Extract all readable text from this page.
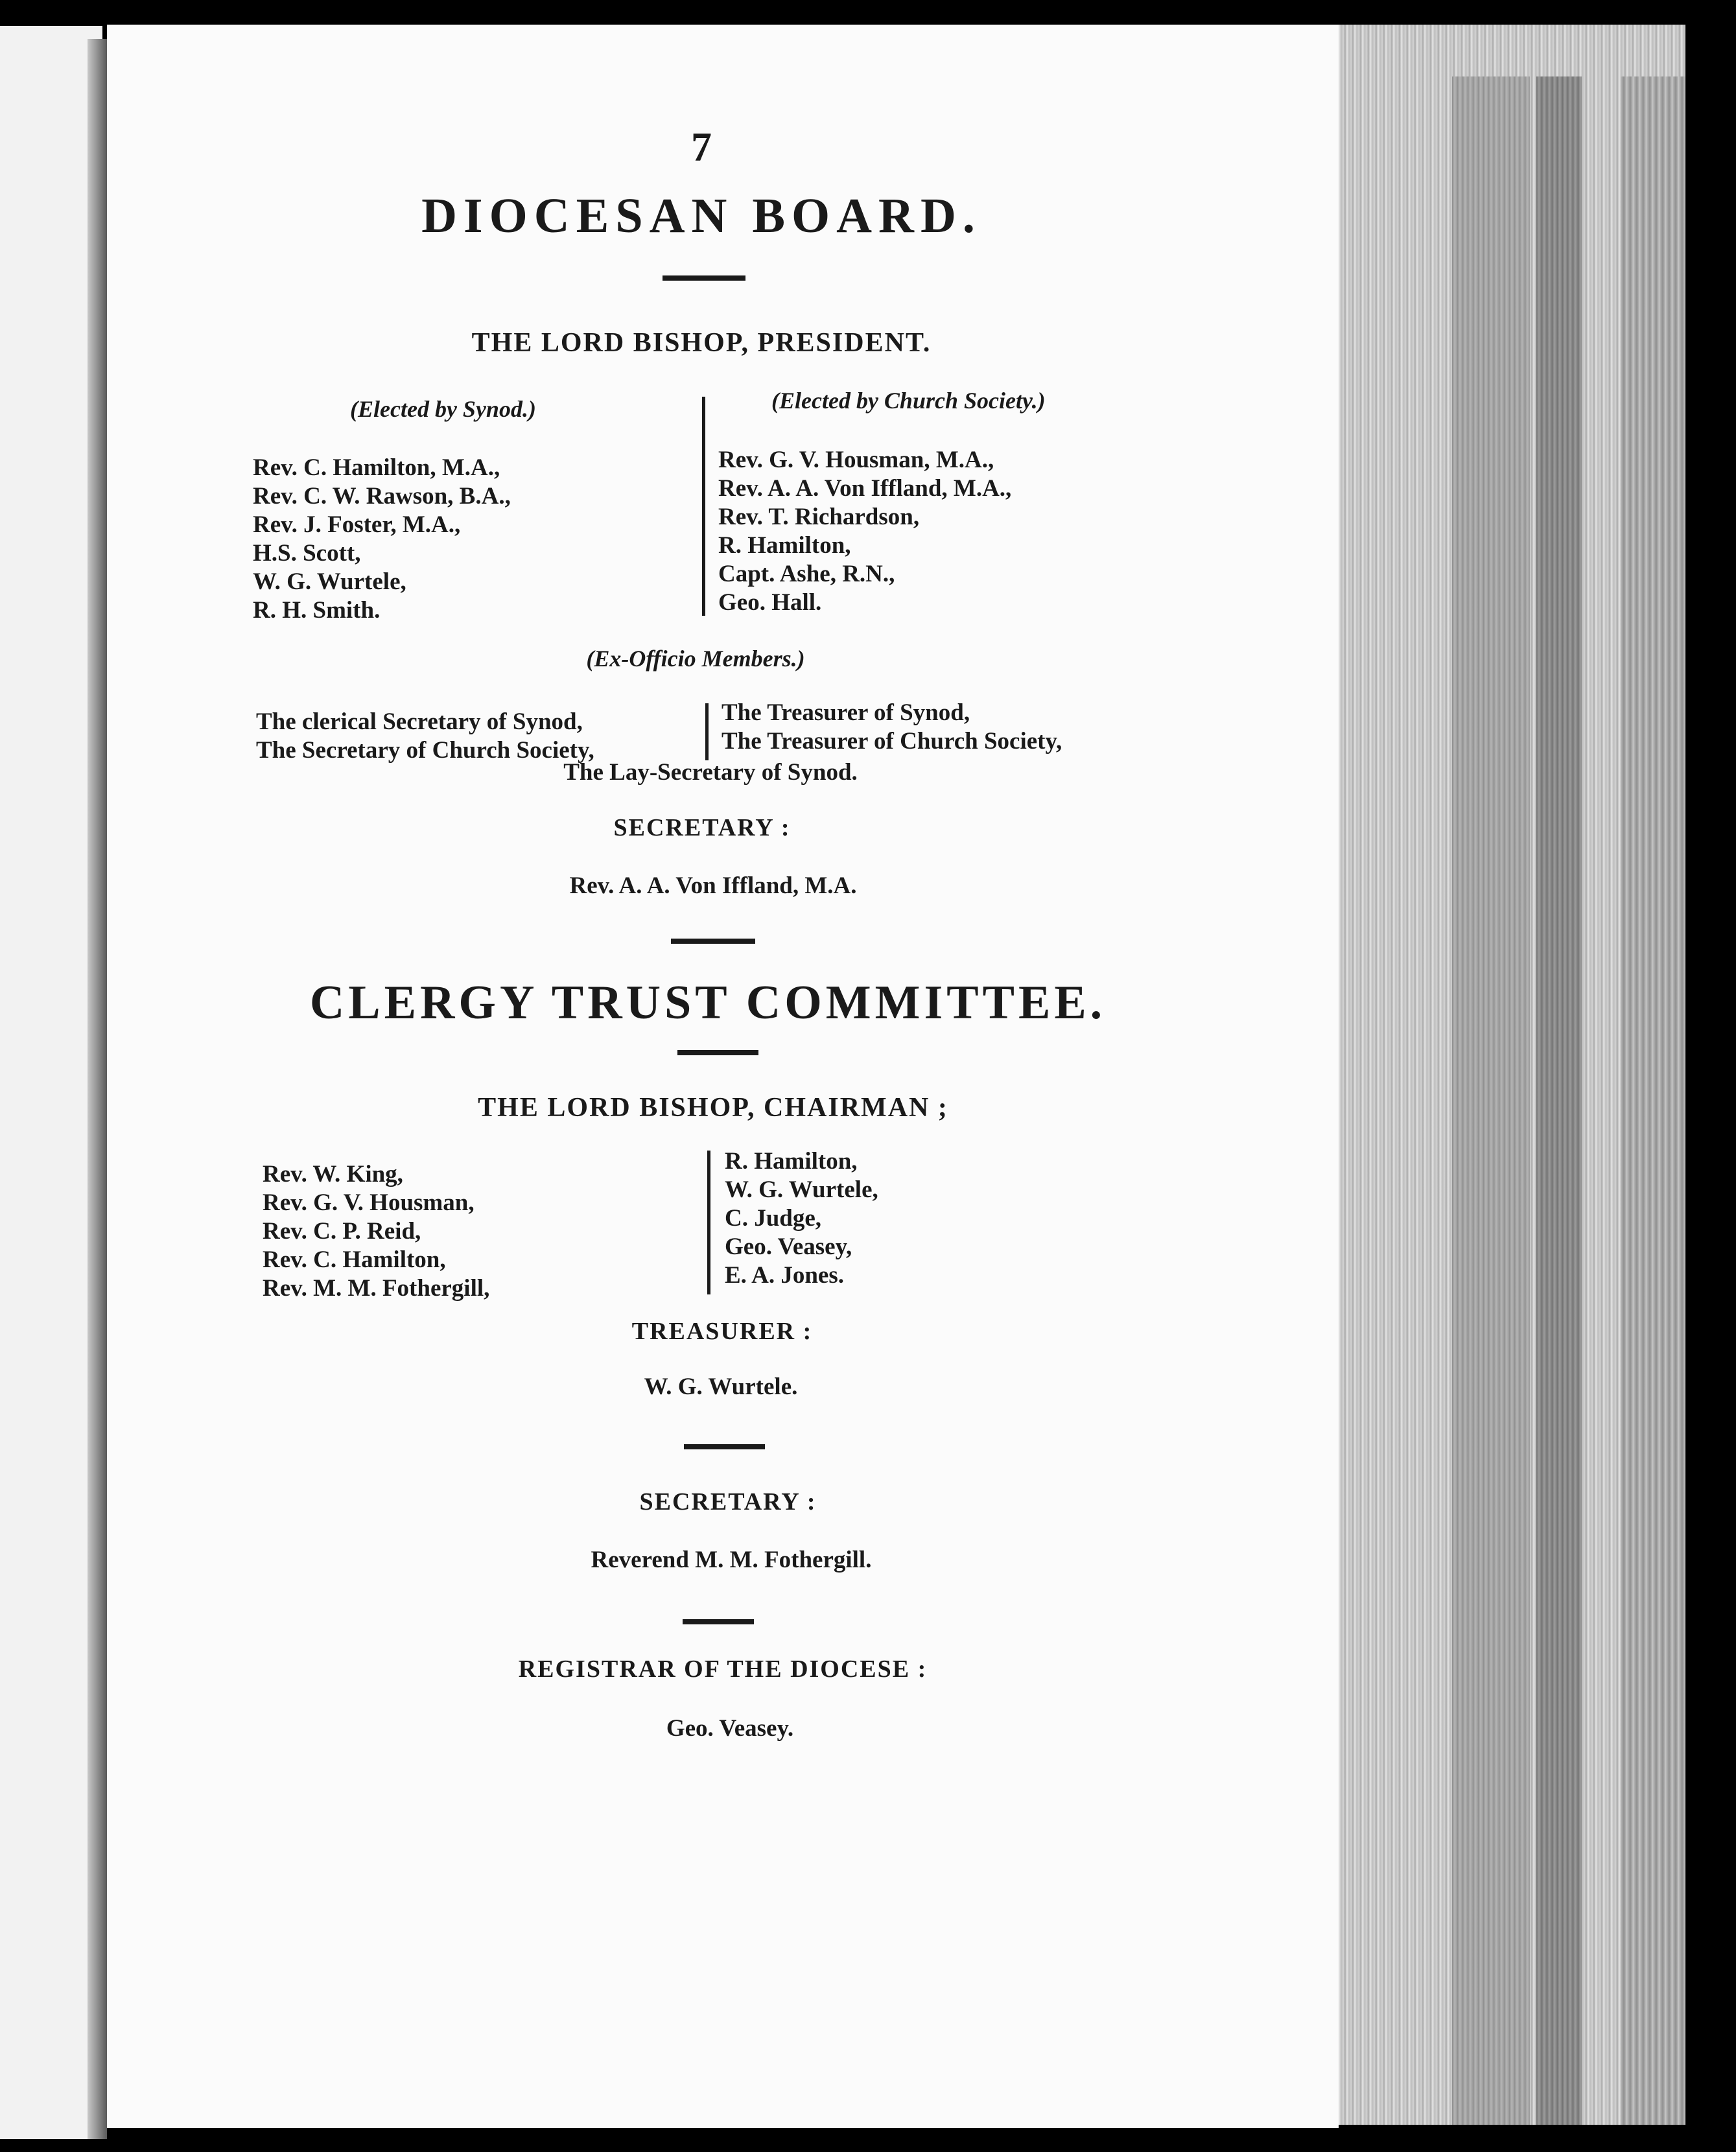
7
DIOCESAN BOARD.
THE LORD BISHOP, PRESIDENT.
(Elected by Synod.)	(Elected by Church Society.)
Rev. C. Hamilton, M.A.,
Rev. C. W. Rawson, B.A.,
Rev. J. Foster, M.A.,
H.S. Scott,
W. G. Wurtele,
R. H. Smith.
Rev. G. V. Housman, M.A.,
Rev. A. A. Von Iffland, M.A.,
Rev. T. Richardson,
R. Hamilton,
Capt. Ashe, R.N.,
Geo. Hall.
(Ex-Officio Members.)
The clerical Secretary of Synod,
The Secretary of Church Society,
The Treasurer of Synod,
The Treasurer of Church Society,
The Lay-Secretary of Synod.
SECRETARY :
Rev. A. A. Von Iffland, M.A.
CLERGY TRUST COMMITTEE.
THE LORD BISHOP, CHAIRMAN ;
Rev. W. King,
Rev. G. V. Housman,
Rev. C. P. Reid,
Rev. C. Hamilton,
Rev. M. M. Fothergill,
R. Hamilton,
W. G. Wurtele,
C. Judge,
Geo. Veasey,
E. A. Jones.
TREASURER :
W. G. Wurtele.
SECRETARY :
Reverend M. M. Fothergill.
REGISTRAR OF THE DIOCESE :
Geo. Veasey.
